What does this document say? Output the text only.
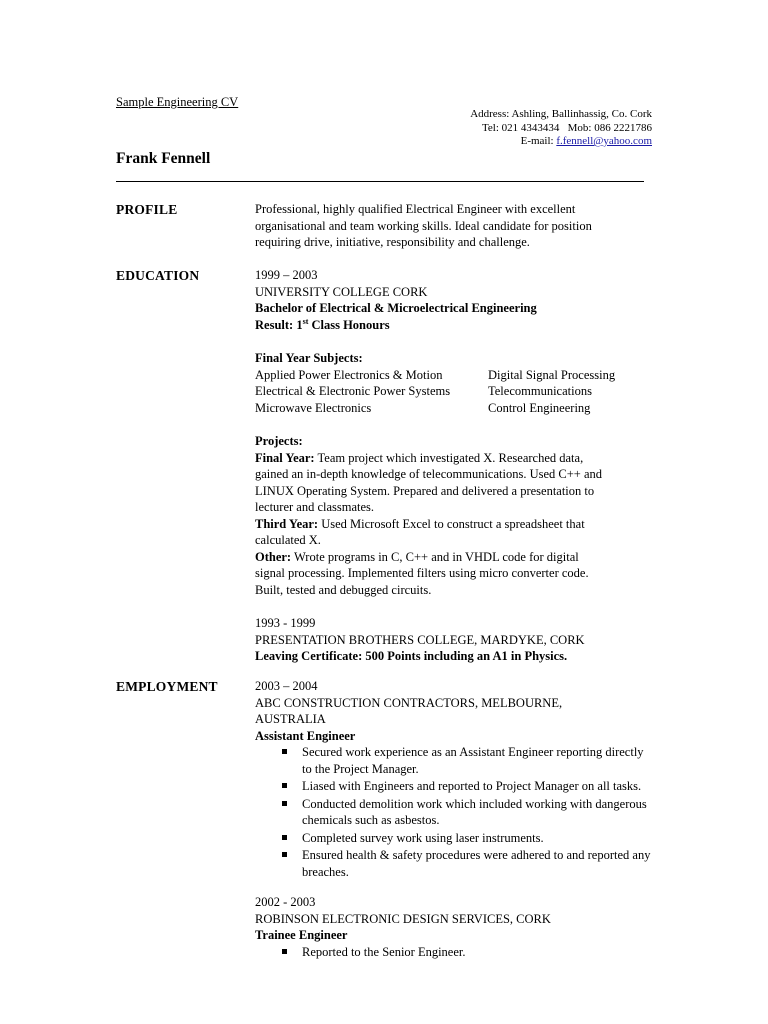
Sample Engineering CV
Address: Ashling, Ballinhassig, Co. Cork
Tel: 021 4343434   Mob: 086 2221786
E-mail: f.fennell@yahoo.com
Frank Fennell
PROFILE	Professional, highly qualified Electrical Engineer with excellent
organisational and team working skills. Ideal candidate for position
requiring drive, initiative, responsibility and challenge.
EDUCATION	1999 – 2003
UNIVERSITY COLLEGE CORK
Bachelor of Electrical & Microelectrical Engineering
Result: 1st Class Honours
Final Year Subjects:
Applied Power Electronics & Motion	Digital Signal Processing
Electrical & Electronic Power Systems	Telecommunications
Microwave Electronics	Control Engineering
Projects:
Final Year: Team project which investigated X. Researched data,
gained an in-depth knowledge of telecommunications. Used C++ and
LINUX Operating System. Prepared and delivered a presentation to
lecturer and classmates.
Third Year: Used Microsoft Excel to construct a spreadsheet that
calculated X.
Other: Wrote programs in C, C++ and in VHDL code for digital
signal processing. Implemented filters using micro converter code.
Built, tested and debugged circuits.
1993 - 1999
PRESENTATION BROTHERS COLLEGE, MARDYKE, CORK
Leaving Certificate: 500 Points including an A1 in Physics.
EMPLOYMENT	2003 – 2004
ABC CONSTRUCTION CONTRACTORS, MELBOURNE,
AUSTRALIA
Assistant Engineer
Secured work experience as an Assistant Engineer reporting directly to the Project Manager.
Liased with Engineers and reported to Project Manager on all tasks.
Conducted demolition work which included working with dangerous chemicals such as asbestos.
Completed survey work using laser instruments.
Ensured health & safety procedures were adhered to and reported any breaches.
2002 - 2003
ROBINSON ELECTRONIC DESIGN SERVICES, CORK
Trainee Engineer
Reported to the Senior Engineer.
